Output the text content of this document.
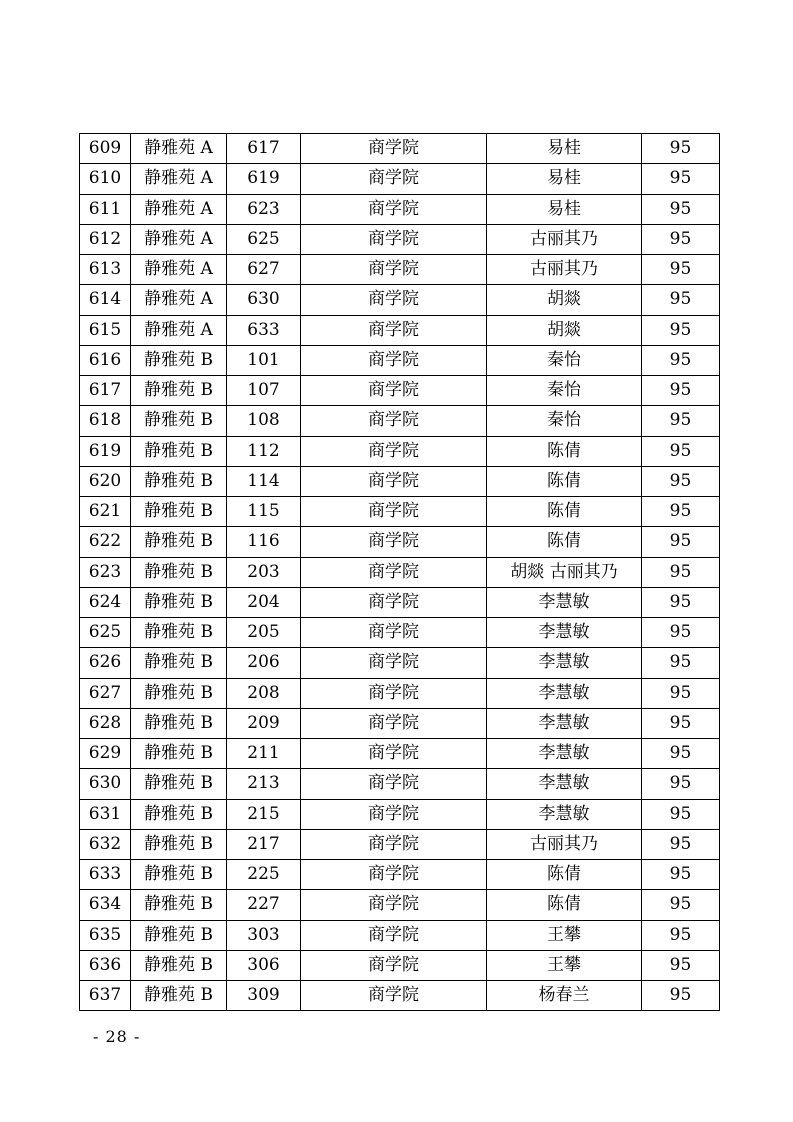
609	静雅苑 A	617	商学院	易桂	95
610	静雅苑 A	619	商学院	易桂	95
611	静雅苑 A	623	商学院	易桂	95
612	静雅苑 A	625	商学院	古丽其乃	95
613	静雅苑 A	627	商学院	古丽其乃	95
614	静雅苑 A	630	商学院	胡燚	95
615	静雅苑 A	633	商学院	胡燚	95
616	静雅苑 B	101	商学院	秦怡	95
617	静雅苑 B	107	商学院	秦怡	95
618	静雅苑 B	108	商学院	秦怡	95
619	静雅苑 B	112	商学院	陈倩	95
620	静雅苑 B	114	商学院	陈倩	95
621	静雅苑 B	115	商学院	陈倩	95
622	静雅苑 B	116	商学院	陈倩	95
623	静雅苑 B	203	商学院	胡燚 古丽其乃	95
624	静雅苑 B	204	商学院	李慧敏	95
625	静雅苑 B	205	商学院	李慧敏	95
626	静雅苑 B	206	商学院	李慧敏	95
627	静雅苑 B	208	商学院	李慧敏	95
628	静雅苑 B	209	商学院	李慧敏	95
629	静雅苑 B	211	商学院	李慧敏	95
630	静雅苑 B	213	商学院	李慧敏	95
631	静雅苑 B	215	商学院	李慧敏	95
632	静雅苑 B	217	商学院	古丽其乃	95
633	静雅苑 B	225	商学院	陈倩	95
634	静雅苑 B	227	商学院	陈倩	95
635	静雅苑 B	303	商学院	王攀	95
636	静雅苑 B	306	商学院	王攀	95
637	静雅苑 B	309	商学院	杨春兰	95
- 28 -
